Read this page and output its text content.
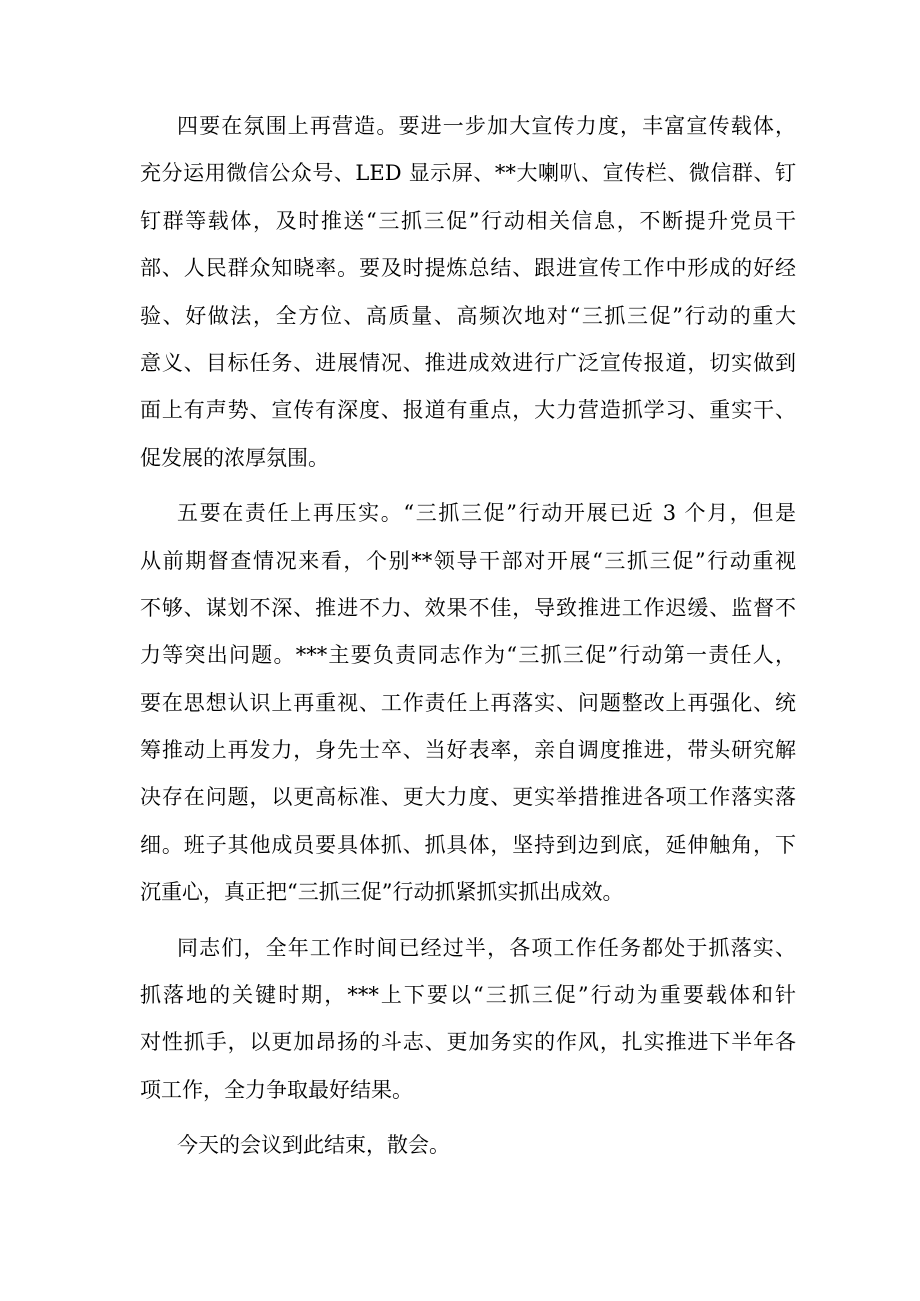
四要在氛围上再营造。要进一步加大宣传力度，丰富宣传载体，
充分运用微信公众号、LED 显示屏、**大喇叭、宣传栏、微信群、钉
钉群等载体，及时推送“三抓三促”行动相关信息，不断提升党员干
部、人民群众知晓率。要及时提炼总结、跟进宣传工作中形成的好经
验、好做法，全方位、高质量、高频次地对“三抓三促”行动的重大
意义、目标任务、进展情况、推进成效进行广泛宣传报道，切实做到
面上有声势、宣传有深度、报道有重点，大力营造抓学习、重实干、
促发展的浓厚氛围。
五要在责任上再压实。“三抓三促”行动开展已近 3 个月，但是
从前期督查情况来看，个别**领导干部对开展“三抓三促”行动重视
不够、谋划不深、推进不力、效果不佳，导致推进工作迟缓、监督不
力等突出问题。***主要负责同志作为“三抓三促”行动第一责任人，
要在思想认识上再重视、工作责任上再落实、问题整改上再强化、统
筹推动上再发力，身先士卒、当好表率，亲自调度推进，带头研究解
决存在问题，以更高标准、更大力度、更实举措推进各项工作落实落
细。班子其他成员要具体抓、抓具体，坚持到边到底，延伸触角，下
沉重心，真正把“三抓三促”行动抓紧抓实抓出成效。
同志们，全年工作时间已经过半，各项工作任务都处于抓落实、
抓落地的关键时期，***上下要以“三抓三促”行动为重要载体和针
对性抓手，以更加昂扬的斗志、更加务实的作风，扎实推进下半年各
项工作，全力争取最好结果。
今天的会议到此结束，散会。
